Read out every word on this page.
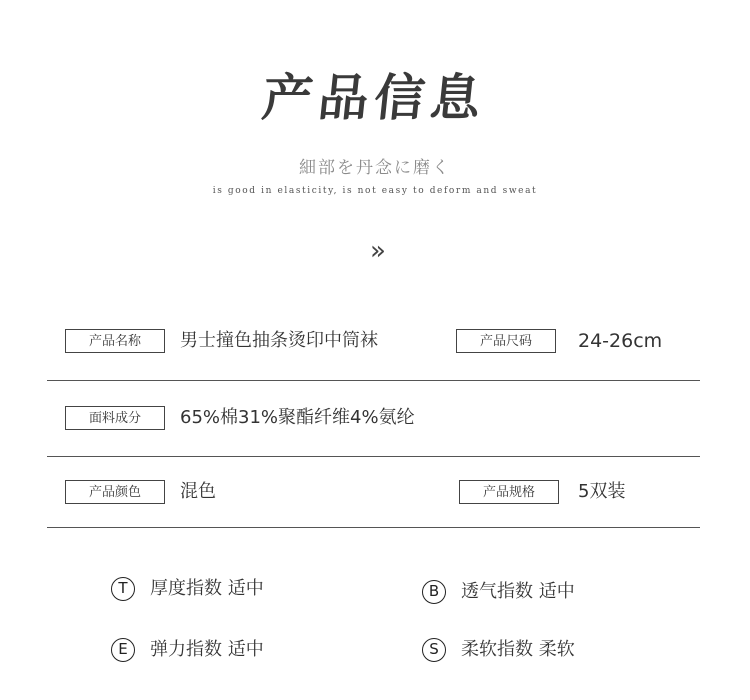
产品信息
細部を丹念に磨く
is good in elasticity, is not easy to deform and sweat
»
产品名称	男士撞色抽条烫印中筒袜	产品尺码	24-26cm
面料成分	65%棉31%聚酯纤维4%氨纶
产品颜色	混色	产品规格	5双装
T	厚度指数 适中	B	透气指数 适中
E	弹力指数 适中	S	柔软指数 柔软
